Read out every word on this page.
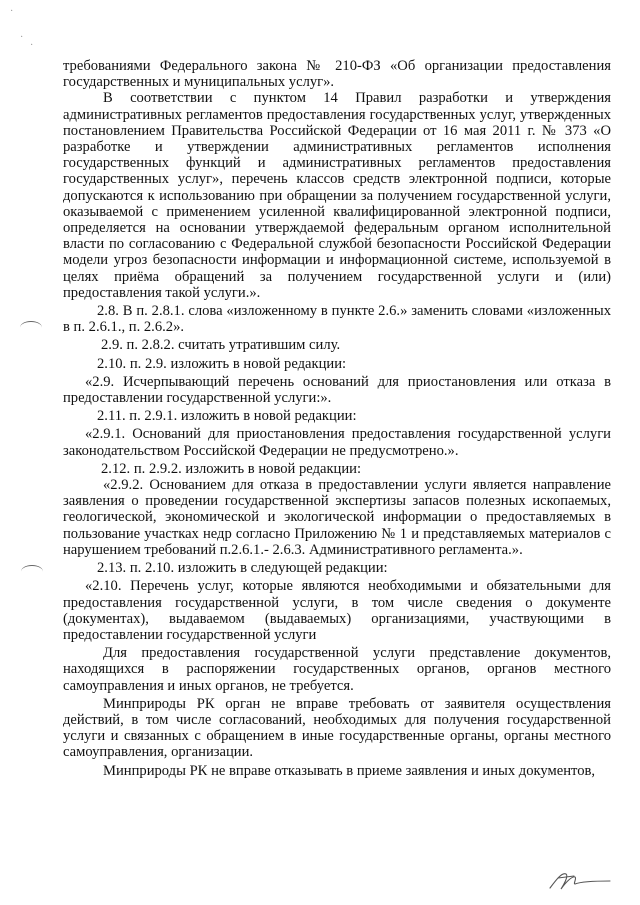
·
·
·

требованиями Федерального закона № 210-ФЗ «Об организации предоставления государственных и муниципальных услуг».

В соответствии с пунктом 14 Правил разработки и утверждения административных регламентов предоставления государственных услуг, утвержденных постановлением Правительства Российской Федерации от 16 мая 2011 г. № 373 «О разработке и утверждении административных регламентов исполнения государственных функций и административных регламентов предоставления государственных услуг», перечень классов средств электронной подписи, которые допускаются к использованию при обращении за получением государственной услуги, оказываемой с применением усиленной квалифицированной электронной подписи, определяется на основании утверждаемой федеральным органом исполнительной власти по согласованию с Федеральной службой безопасности Российской Федерации модели угроз безопасности информации и информационной системе, используемой в целях приёма обращений за получением государственной услуги и (или) предоставления такой услуги.».

2.8. В п. 2.8.1. слова «изложенному в пункте 2.6.» заменить словами «изложенных в п. 2.6.1., п. 2.6.2».

2.9. п. 2.8.2. считать утратившим силу.

2.10. п. 2.9. изложить в новой редакции:

«2.9. Исчерпывающий перечень оснований для приостановления или отказа в предоставлении государственной услуги:».

2.11. п. 2.9.1. изложить в новой редакции:

«2.9.1. Оснований для приостановления предоставления государственной услуги законодательством Российской Федерации не предусмотрено.».

2.12. п. 2.9.2. изложить в новой редакции:

«2.9.2. Основанием для отказа в предоставлении услуги является направление заявления о проведении государственной экспертизы запасов полезных ископаемых, геологической, экономической и экологической информации о предоставляемых в пользование участках недр согласно Приложению № 1 и представляемых материалов с нарушением требований п.2.6.1.- 2.6.3. Административного регламента.».

2.13. п. 2.10. изложить в следующей редакции:

«2.10. Перечень услуг, которые являются необходимыми и обязательными для предоставления государственной услуги, в том числе сведения о документе (документах), выдаваемом (выдаваемых) организациями, участвующими в предоставлении государственной услуги

Для предоставления государственной услуги представление документов, находящихся в распоряжении государственных органов, органов местного самоуправления и иных органов, не требуется.

Минприроды РК орган не вправе требовать от заявителя осуществления действий, в том числе согласований, необходимых для получения государственной услуги и связанных с обращением в иные государственные органы, органы местного самоуправления, организации.

Минприроды РК не вправе отказывать в приеме заявления и иных документов,
